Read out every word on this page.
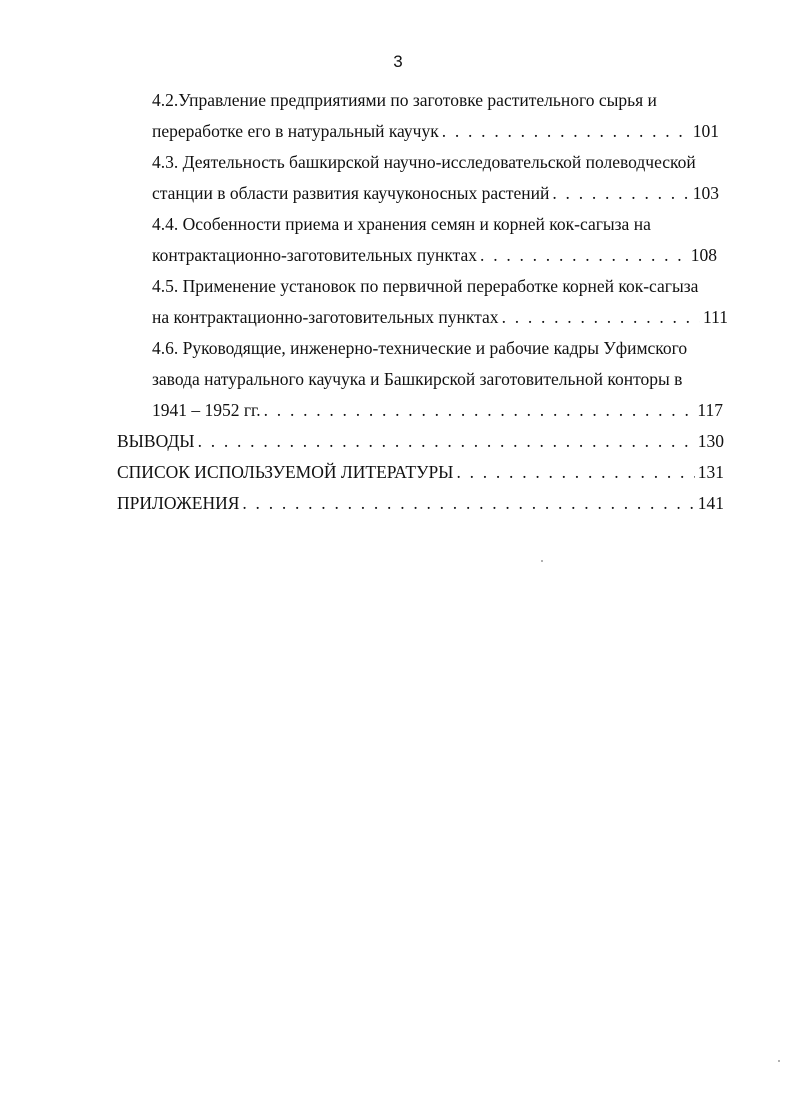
3
4.2.Управление предприятиями по заготовке растительного сырья и
переработке его в натуральный каучук . . .	101
4.3. Деятельность башкирской научно-исследовательской полеводческой
станции в области развития каучуконосных растений . . .	103
4.4. Особенности приема и хранения семян и корней кок-сагыза на
контрактационно-заготовительных пунктах . . .	108
4.5. Применение установок по первичной переработке корней кок-сагыза
на контрактационно-заготовительных пунктах . . .	111
4.6. Руководящие, инженерно-технические и рабочие кадры Уфимского
завода натурального каучука и Башкирской заготовительной конторы в
1941 – 1952 гг. . . .	117
ВЫВОДЫ . . .	130
СПИСОК ИСПОЛЬЗУЕМОЙ ЛИТЕРАТУРЫ . . .	131
ПРИЛОЖЕНИЯ . . .	141
